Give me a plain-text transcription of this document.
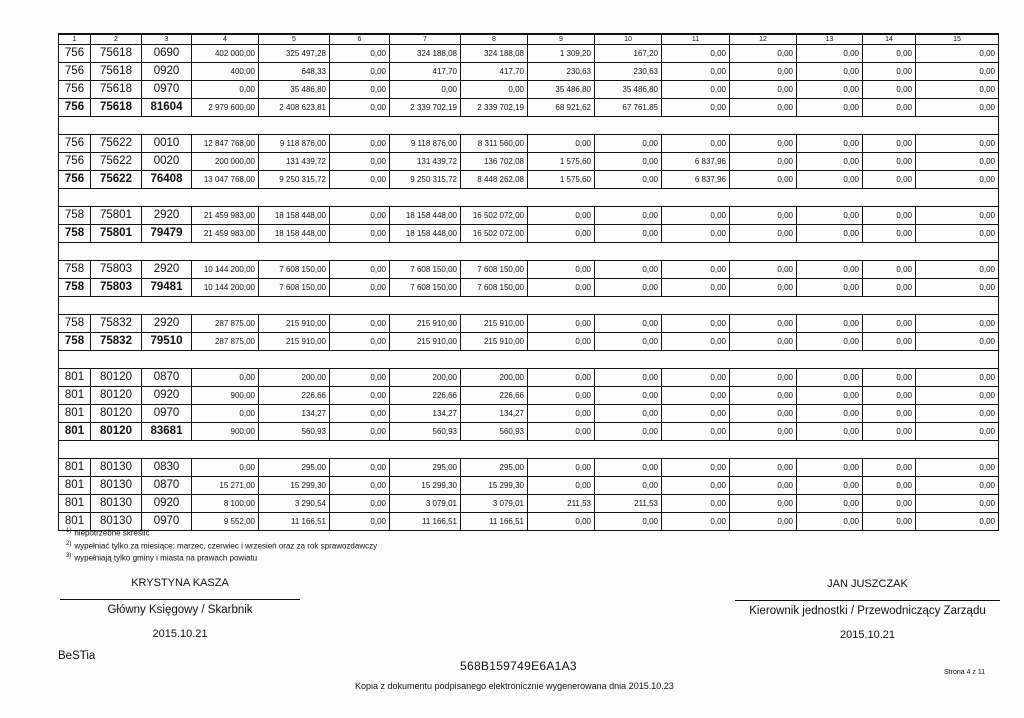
1	2	3	4	5	6	7	8	9	10	11	12	13	14	15
756	75618	0690	402 000,00	325 497,28	0,00	324 188,08	324 188,08	1 309,20	167,20	0,00	0,00	0,00	0,00	0,00
756	75618	0920	400,00	648,33	0,00	417,70	417,70	230,63	230,63	0,00	0,00	0,00	0,00	0,00
756	75618	0970	0,00	35 486,80	0,00	0,00	0,00	35 486,80	35 486,80	0,00	0,00	0,00	0,00	0,00
756	75618	81604	2 979 600,00	2 408 623,81	0,00	2 339 702,19	2 339 702,19	68 921,62	67 761,85	0,00	0,00	0,00	0,00	0,00

756	75622	0010	12 847 768,00	9 118 876,00	0,00	9 118 876,00	8 311 560,00	0,00	0,00	0,00	0,00	0,00	0,00	0,00
756	75622	0020	200 000,00	131 439,72	0,00	131 439,72	136 702,08	1 575,60	0,00	6 837,96	0,00	0,00	0,00	0,00
756	75622	76408	13 047 768,00	9 250 315,72	0,00	9 250 315,72	8 448 262,08	1 575,60	0,00	6 837,96	0,00	0,00	0,00	0,00

758	75801	2920	21 459 983,00	18 158 448,00	0,00	18 158 448,00	16 502 072,00	0,00	0,00	0,00	0,00	0,00	0,00	0,00
758	75801	79479	21 459 983,00	18 158 448,00	0,00	18 158 448,00	16 502 072,00	0,00	0,00	0,00	0,00	0,00	0,00	0,00

758	75803	2920	10 144 200,00	7 608 150,00	0,00	7 608 150,00	7 608 150,00	0,00	0,00	0,00	0,00	0,00	0,00	0,00
758	75803	79481	10 144 200,00	7 608 150,00	0,00	7 608 150,00	7 608 150,00	0,00	0,00	0,00	0,00	0,00	0,00	0,00

758	75832	2920	287 875,00	215 910,00	0,00	215 910,00	215 910,00	0,00	0,00	0,00	0,00	0,00	0,00	0,00
758	75832	79510	287 875,00	215 910,00	0,00	215 910,00	215 910,00	0,00	0,00	0,00	0,00	0,00	0,00	0,00

801	80120	0870	0,00	200,00	0,00	200,00	200,00	0,00	0,00	0,00	0,00	0,00	0,00	0,00
801	80120	0920	900,00	226,66	0,00	226,66	226,66	0,00	0,00	0,00	0,00	0,00	0,00	0,00
801	80120	0970	0,00	134,27	0,00	134,27	134,27	0,00	0,00	0,00	0,00	0,00	0,00	0,00
801	80120	83681	900,00	560,93	0,00	560,93	560,93	0,00	0,00	0,00	0,00	0,00	0,00	0,00

801	80130	0830	0,00	295,00	0,00	295,00	295,00	0,00	0,00	0,00	0,00	0,00	0,00	0,00
801	80130	0870	15 271,00	15 299,30	0,00	15 299,30	15 299,30	0,00	0,00	0,00	0,00	0,00	0,00	0,00
801	80130	0920	8 100,00	3 290,54	0,00	3 079,01	3 079,01	211,53	211,53	0,00	0,00	0,00	0,00	0,00
801	80130	0970	9 552,00	11 166,51	0,00	11 166,51	11 166,51	0,00	0,00	0,00	0,00	0,00	0,00	0,00
$^{1)}$ niepotrzebne skreślić
$^{2)}$ wypełniać tylko za miesiące: marzec, czerwiec i wrzesień oraz za rok sprawozdawczy
$^{3)}$ wypełniają tylko gminy i miasta na prawach powiatu
KRYSTYNA KASZA
Główny Księgowy / Skarbnik
2015.10.21
JAN JUSZCZAK
Kierownik jednostki / Przewodniczący Zarządu
2015.10.21
BeSTia
568B159749E6A1A3
Kopia z dokumentu podpisanego elektronicznie wygenerowana dnia 2015.10.23
Strona 4 z 11
